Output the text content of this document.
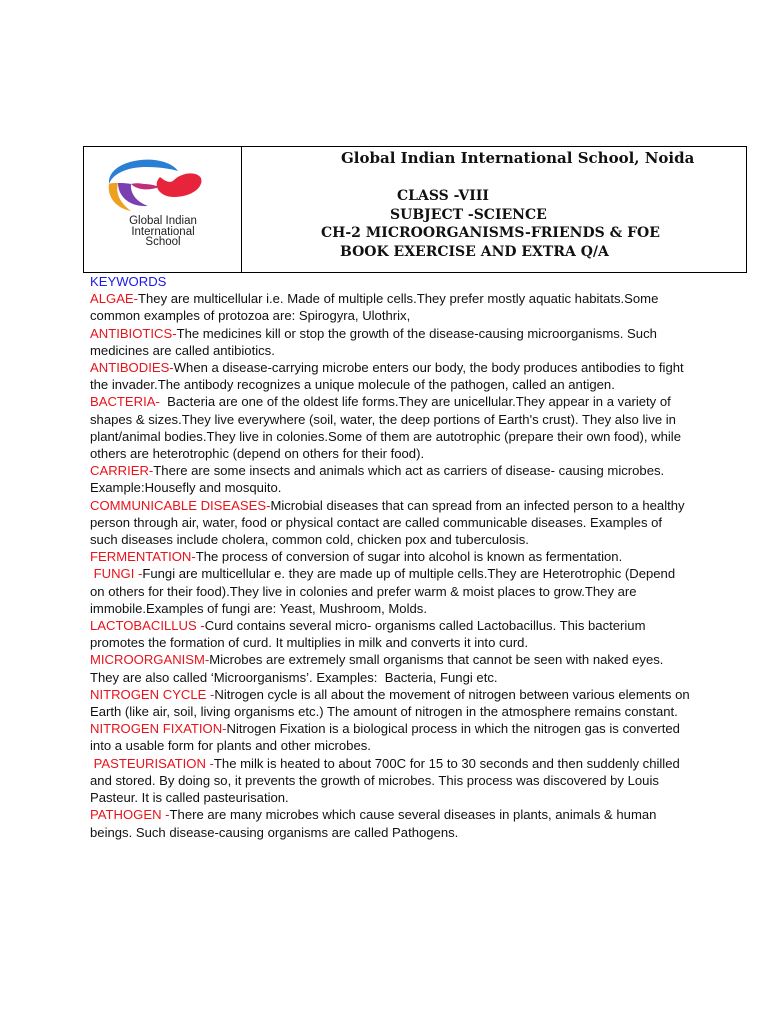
Global Indian
International
School
Global Indian International School, Noida
CLASS -VIII
SUBJECT -SCIENCE
CH-2 MICROORGANISMS-FRIENDS & FOE
BOOK EXERCISE AND EXTRA Q/A

KEYWORDS

ALGAE-They are multicellular i.e. Made of multiple cells.They prefer mostly aquatic habitats.Some common examples of protozoa are: Spirogyra, Ulothrix,

ANTIBIOTICS-The medicines kill or stop the growth of the disease-causing microorganisms. Such medicines are called antibiotics.

ANTIBODIES-When a disease-carrying microbe enters our body, the body produces antibodies to fight the invader.The antibody recognizes a unique molecule of the pathogen, called an antigen.

BACTERIA-  Bacteria are one of the oldest life forms.They are unicellular.They appear in a variety of shapes & sizes.They live everywhere (soil, water, the deep portions of Earth's crust). They also live in plant/animal bodies.They live in colonies.Some of them are autotrophic (prepare their own food), while others are heterotrophic (depend on others for their food).

CARRIER-There are some insects and animals which act as carriers of disease- causing microbes. Example:Housefly and mosquito.

COMMUNICABLE DISEASES-Microbial diseases that can spread from an infected person to a healthy person through air, water, food or physical contact are called communicable diseases. Examples of such diseases include cholera, common cold, chicken pox and tuberculosis.

FERMENTATION-The process of conversion of sugar into alcohol is known as fermentation.

FUNGI -Fungi are multicellular e. they are made up of multiple cells.They are Heterotrophic (Depend on others for their food).They live in colonies and prefer warm & moist places to grow.They are immobile.Examples of fungi are: Yeast, Mushroom, Molds.

LACTOBACILLUS -Curd contains several micro- organisms called Lactobacillus. This bacterium promotes the formation of curd. It multiplies in milk and converts it into curd.

MICROORGANISM-Microbes are extremely small organisms that cannot be seen with naked eyes. They are also called ‘Microorganisms’. Examples:  Bacteria, Fungi etc.

NITROGEN CYCLE -Nitrogen cycle is all about the movement of nitrogen between various elements on Earth (like air, soil, living organisms etc.) The amount of nitrogen in the atmosphere remains constant.

NITROGEN FIXATION-Nitrogen Fixation is a biological process in which the nitrogen gas is converted into a usable form for plants and other microbes.

PASTEURISATION -The milk is heated to about 700C for 15 to 30 seconds and then suddenly chilled and stored. By doing so, it prevents the growth of microbes. This process was discovered by Louis Pasteur. It is called pasteurisation.

PATHOGEN -There are many microbes which cause several diseases in plants, animals & human beings. Such disease-causing organisms are called Pathogens.
